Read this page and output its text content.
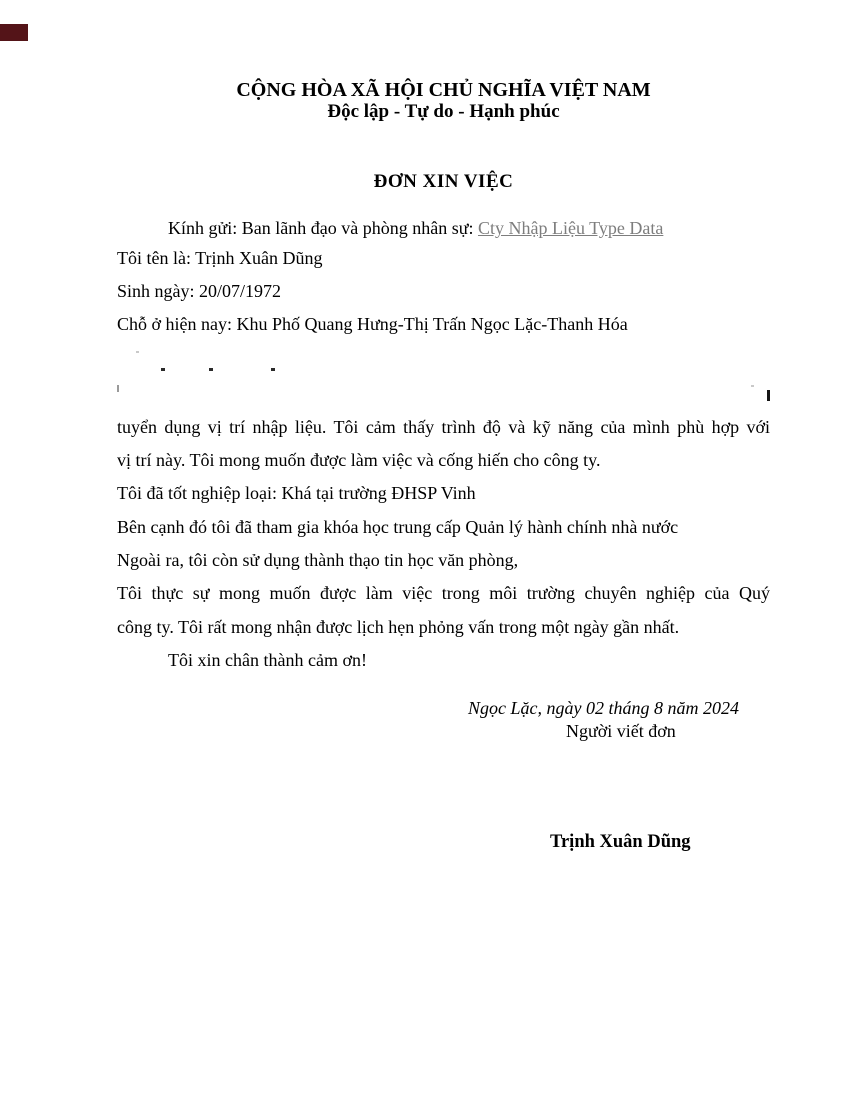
CỘNG HÒA XÃ HỘI CHỦ NGHĨA VIỆT NAM
Độc lập - Tự do - Hạnh phúc
ĐƠN XIN VIỆC
Kính gửi: Ban lãnh đạo và phòng nhân sự: Cty Nhập Liệu Type Data
Tôi tên là: Trịnh Xuân Dũng
Sinh ngày: 20/07/1972
Chỗ ở hiện nay: Khu Phố Quang Hưng-Thị Trấn Ngọc Lặc-Thanh Hóa
tuyển dụng vị trí nhập liệu. Tôi cảm thấy trình độ và kỹ năng của mình phù hợp với
vị trí này. Tôi mong muốn được làm việc và cống hiến cho công ty.
Tôi đã tốt nghiệp loại: Khá tại trường ĐHSP Vinh
Bên cạnh đó tôi đã tham gia khóa học trung cấp Quản lý hành chính nhà nước
Ngoài ra, tôi còn sử dụng thành thạo tin học văn phòng,
Tôi thực sự mong muốn được làm việc trong môi trường chuyên nghiệp của Quý
công ty. Tôi rất mong nhận được lịch hẹn phỏng vấn trong một ngày gần nhất.
Tôi xin chân thành cảm ơn!
Ngọc Lặc, ngày 02 tháng 8 năm 2024
Người viết đơn
Trịnh Xuân Dũng
